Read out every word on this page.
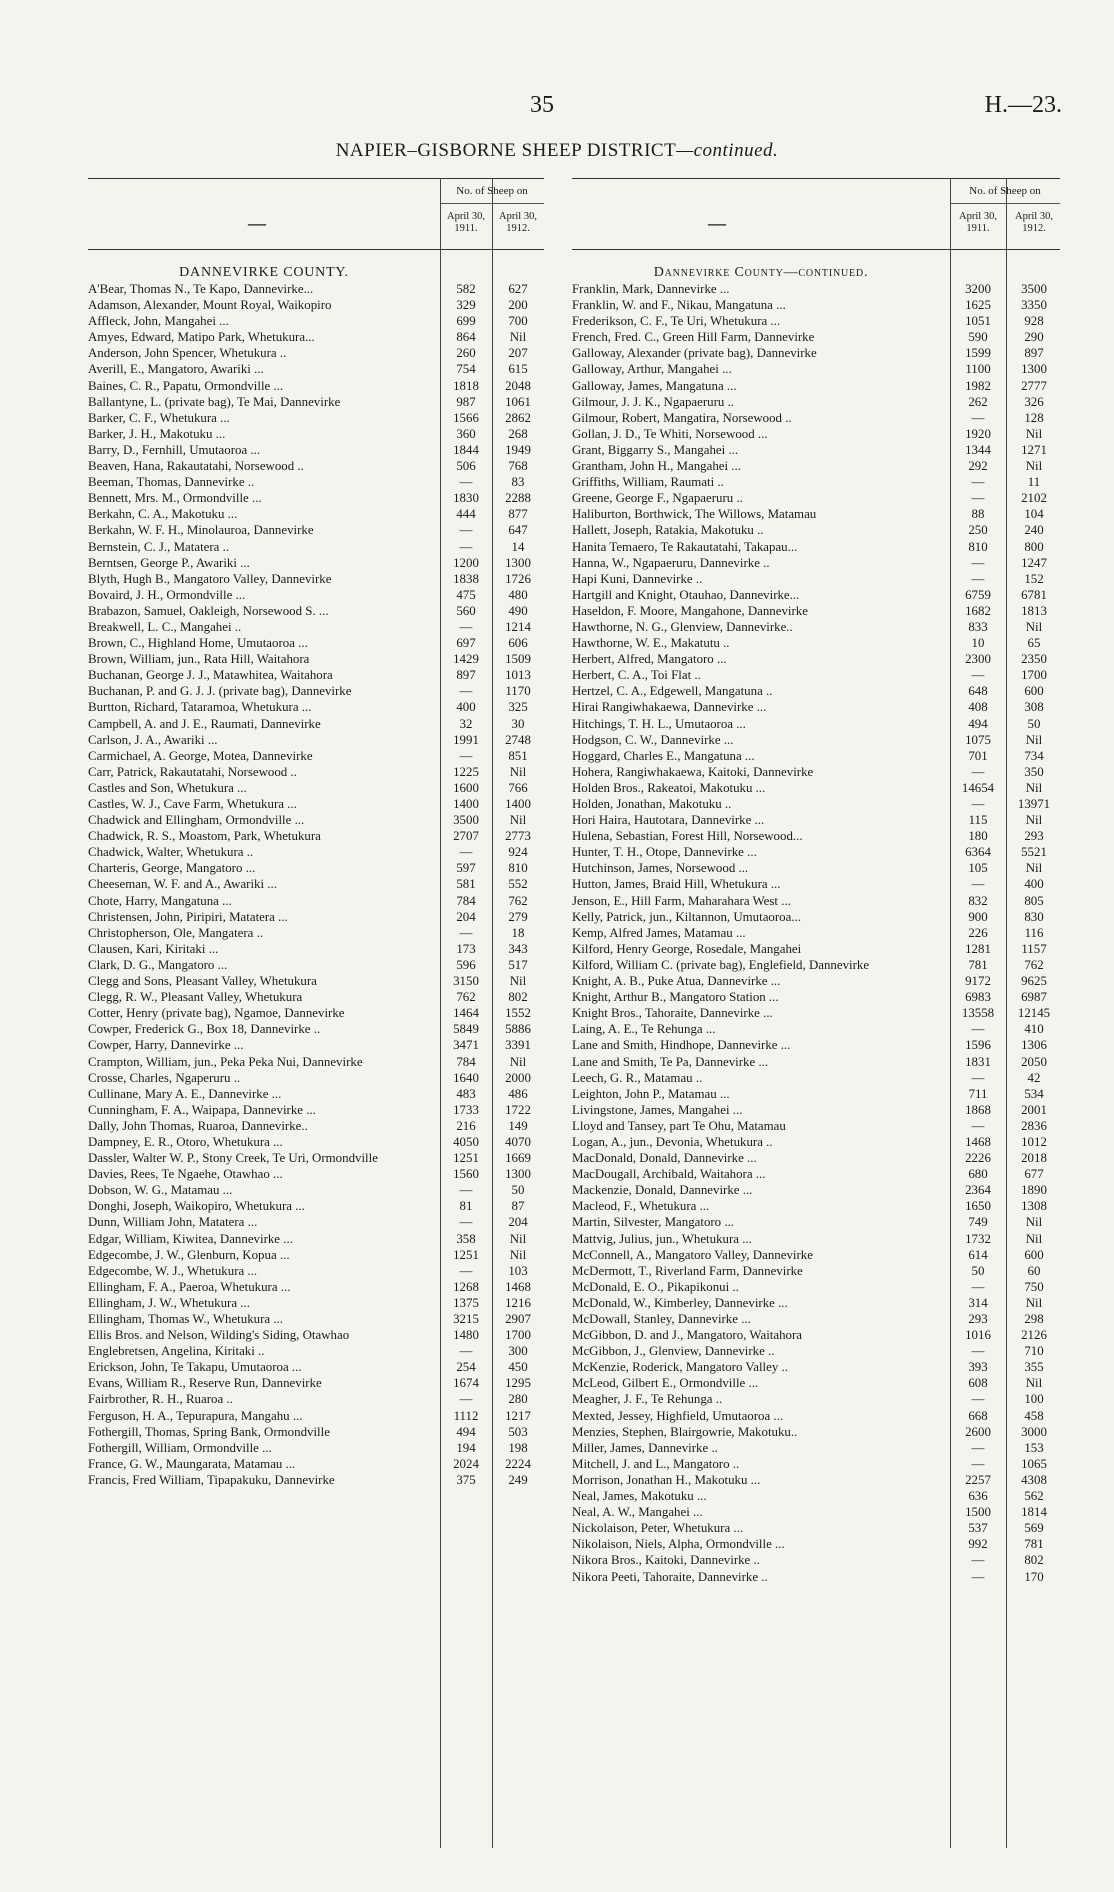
35	H.—23.
NAPIER–GISBORNE SHEEP DISTRICT—continued.
—
No. of Sheep on
April 30,
1911.
April 30,
1912.
DANNEVIRKE COUNTY.
A'Bear, Thomas N., Te Kapo, Dannevirke...	582	627
Adamson, Alexander, Mount Royal, Waikopiro	329	200
Affleck, John, Mangahei ...	699	700
Amyes, Edward, Matipo Park, Whetukura...	864	Nil
Anderson, John Spencer, Whetukura ..	260	207
Averill, E., Mangatoro, Awariki ...	754	615
Baines, C. R., Papatu, Ormondville ...	1818	2048
Ballantyne, L. (private bag), Te Mai, Dannevirke	987	1061
Barker, C. F., Whetukura ...	1566	2862
Barker, J. H., Makotuku ...	360	268
Barry, D., Fernhill, Umutaoroa ...	1844	1949
Beaven, Hana, Rakautatahi, Norsewood ..	506	768
Beeman, Thomas, Dannevirke ..	—	83
Bennett, Mrs. M., Ormondville ...	1830	2288
Berkahn, C. A., Makotuku ...	444	877
Berkahn, W. F. H., Minolauroa, Dannevirke	—	647
Bernstein, C. J., Matatera ..	—	14
Berntsen, George P., Awariki ...	1200	1300
Blyth, Hugh B., Mangatoro Valley, Dannevirke	1838	1726
Bovaird, J. H., Ormondville ...	475	480
Brabazon, Samuel, Oakleigh, Norsewood S. ...	560	490
Breakwell, L. C., Mangahei ..	—	1214
Brown, C., Highland Home, Umutaoroa ...	697	606
Brown, William, jun., Rata Hill, Waitahora	1429	1509
Buchanan, George J. J., Matawhitea, Waitahora	897	1013
Buchanan, P. and G. J. J. (private bag), Dannevirke	—	1170
Burtton, Richard, Tataramoa, Whetukura ...	400	325
Campbell, A. and J. E., Raumati, Dannevirke	32	30
Carlson, J. A., Awariki ...	1991	2748
Carmichael, A. George, Motea, Dannevirke	—	851
Carr, Patrick, Rakautatahi, Norsewood ..	1225	Nil
Castles and Son, Whetukura ...	1600	766
Castles, W. J., Cave Farm, Whetukura ...	1400	1400
Chadwick and Ellingham, Ormondville ...	3500	Nil
Chadwick, R. S., Moastom, Park, Whetukura	2707	2773
Chadwick, Walter, Whetukura ..	—	924
Charteris, George, Mangatoro ...	597	810
Cheeseman, W. F. and A., Awariki ...	581	552
Chote, Harry, Mangatuna ...	784	762
Christensen, John, Piripiri, Matatera ...	204	279
Christopherson, Ole, Mangatera ..	—	18
Clausen, Kari, Kiritaki ...	173	343
Clark, D. G., Mangatoro ...	596	517
Clegg and Sons, Pleasant Valley, Whetukura	3150	Nil
Clegg, R. W., Pleasant Valley, Whetukura	762	802
Cotter, Henry (private bag), Ngamoe, Dannevirke	1464	1552
Cowper, Frederick G., Box 18, Dannevirke ..	5849	5886
Cowper, Harry, Dannevirke ...	3471	3391
Crampton, William, jun., Peka Peka Nui, Dannevirke	784	Nil
Crosse, Charles, Ngaperuru ..	1640	2000
Cullinane, Mary A. E., Dannevirke ...	483	486
Cunningham, F. A., Waipapa, Dannevirke ...	1733	1722
Dally, John Thomas, Ruaroa, Dannevirke..	216	149
Dampney, E. R., Otoro, Whetukura ...	4050	4070
Dassler, Walter W. P., Stony Creek, Te Uri, Ormondville	1251	1669
Davies, Rees, Te Ngaehe, Otawhao ...	1560	1300
Dobson, W. G., Matamau ...	—	50
Donghi, Joseph, Waikopiro, Whetukura ...	81	87
Dunn, William John, Matatera ...	—	204
Edgar, William, Kiwitea, Dannevirke ...	358	Nil
Edgecombe, J. W., Glenburn, Kopua ...	1251	Nil
Edgecombe, W. J., Whetukura ...	—	103
Ellingham, F. A., Paeroa, Whetukura ...	1268	1468
Ellingham, J. W., Whetukura ...	1375	1216
Ellingham, Thomas W., Whetukura ...	3215	2907
Ellis Bros. and Nelson, Wilding's Siding, Otawhao	1480	1700
Englebretsen, Angelina, Kiritaki ..	—	300
Erickson, John, Te Takapu, Umutaoroa ...	254	450
Evans, William R., Reserve Run, Dannevirke	1674	1295
Fairbrother, R. H., Ruaroa ..	—	280
Ferguson, H. A., Tepurapura, Mangahu ...	1112	1217
Fothergill, Thomas, Spring Bank, Ormondville	494	503
Fothergill, William, Ormondville ...	194	198
France, G. W., Maungarata, Matamau ...	2024	2224
Francis, Fred William, Tipapakuku, Dannevirke	375	249
—
No. of Sheep on
April 30,
1911.
April 30,
1912.
Dannevirke County—continued.
Franklin, Mark, Dannevirke ...	3200	3500
Franklin, W. and F., Nikau, Mangatuna ...	1625	3350
Frederikson, C. F., Te Uri, Whetukura ...	1051	928
French, Fred. C., Green Hill Farm, Dannevirke	590	290
Galloway, Alexander (private bag), Dannevirke	1599	897
Galloway, Arthur, Mangahei ...	1100	1300
Galloway, James, Mangatuna ...	1982	2777
Gilmour, J. J. K., Ngapaeruru ..	262	326
Gilmour, Robert, Mangatira, Norsewood ..	—	128
Gollan, J. D., Te Whiti, Norsewood ...	1920	Nil
Grant, Biggarry S., Mangahei ...	1344	1271
Grantham, John H., Mangahei ...	292	Nil
Griffiths, William, Raumati ..	—	11
Greene, George F., Ngapaeruru ..	—	2102
Haliburton, Borthwick, The Willows, Matamau	88	104
Hallett, Joseph, Ratakia, Makotuku ..	250	240
Hanita Temaero, Te Rakautatahi, Takapau...	810	800
Hanna, W., Ngapaeruru, Dannevirke ..	—	1247
Hapi Kuni, Dannevirke ..	—	152
Hartgill and Knight, Otauhao, Dannevirke...	6759	6781
Haseldon, F. Moore, Mangahone, Dannevirke	1682	1813
Hawthorne, N. G., Glenview, Dannevirke..	833	Nil
Hawthorne, W. E., Makatutu ..	10	65
Herbert, Alfred, Mangatoro ...	2300	2350
Herbert, C. A., Toi Flat ..	—	1700
Hertzel, C. A., Edgewell, Mangatuna ..	648	600
Hirai Rangiwhakaewa, Dannevirke ...	408	308
Hitchings, T. H. L., Umutaoroa ...	494	50
Hodgson, C. W., Dannevirke ...	1075	Nil
Hoggard, Charles E., Mangatuna ...	701	734
Hohera, Rangiwhakaewa, Kaitoki, Dannevirke	—	350
Holden Bros., Rakeatoi, Makotuku ...	14654	Nil
Holden, Jonathan, Makotuku ..	—	13971
Hori Haira, Hautotara, Dannevirke ...	115	Nil
Hulena, Sebastian, Forest Hill, Norsewood...	180	293
Hunter, T. H., Otope, Dannevirke ...	6364	5521
Hutchinson, James, Norsewood ...	105	Nil
Hutton, James, Braid Hill, Whetukura ...	—	400
Jenson, E., Hill Farm, Maharahara West ...	832	805
Kelly, Patrick, jun., Kiltannon, Umutaoroa...	900	830
Kemp, Alfred James, Matamau ...	226	116
Kilford, Henry George, Rosedale, Mangahei	1281	1157
Kilford, William C. (private bag), Englefield, Dannevirke	781	762
Knight, A. B., Puke Atua, Dannevirke ...	9172	9625
Knight, Arthur B., Mangatoro Station ...	6983	6987
Knight Bros., Tahoraite, Dannevirke ...	13558	12145
Laing, A. E., Te Rehunga ...	—	410
Lane and Smith, Hindhope, Dannevirke ...	1596	1306
Lane and Smith, Te Pa, Dannevirke ...	1831	2050
Leech, G. R., Matamau ..	—	42
Leighton, John P., Matamau ...	711	534
Livingstone, James, Mangahei ...	1868	2001
Lloyd and Tansey, part Te Ohu, Matamau	—	2836
Logan, A., jun., Devonia, Whetukura ..	1468	1012
MacDonald, Donald, Dannevirke ...	2226	2018
MacDougall, Archibald, Waitahora ...	680	677
Mackenzie, Donald, Dannevirke ...	2364	1890
Macleod, F., Whetukura ...	1650	1308
Martin, Silvester, Mangatoro ...	749	Nil
Mattvig, Julius, jun., Whetukura ...	1732	Nil
McConnell, A., Mangatoro Valley, Dannevirke	614	600
McDermott, T., Riverland Farm, Dannevirke	50	60
McDonald, E. O., Pikapikonui ..	—	750
McDonald, W., Kimberley, Dannevirke ...	314	Nil
McDowall, Stanley, Dannevirke ...	293	298
McGibbon, D. and J., Mangatoro, Waitahora	1016	2126
McGibbon, J., Glenview, Dannevirke ..	—	710
McKenzie, Roderick, Mangatoro Valley ..	393	355
McLeod, Gilbert E., Ormondville ...	608	Nil
Meagher, J. F., Te Rehunga ..	—	100
Mexted, Jessey, Highfield, Umutaoroa ...	668	458
Menzies, Stephen, Blairgowrie, Makotuku..	2600	3000
Miller, James, Dannevirke ..	—	153
Mitchell, J. and L., Mangatoro ..	—	1065
Morrison, Jonathan H., Makotuku ...	2257	4308
Neal, James, Makotuku ...	636	562
Neal, A. W., Mangahei ...	1500	1814
Nickolaison, Peter, Whetukura ...	537	569
Nikolaison, Niels, Alpha, Ormondville ...	992	781
Nikora Bros., Kaitoki, Dannevirke ..	—	802
Nikora Peeti, Tahoraite, Dannevirke ..	—	170
